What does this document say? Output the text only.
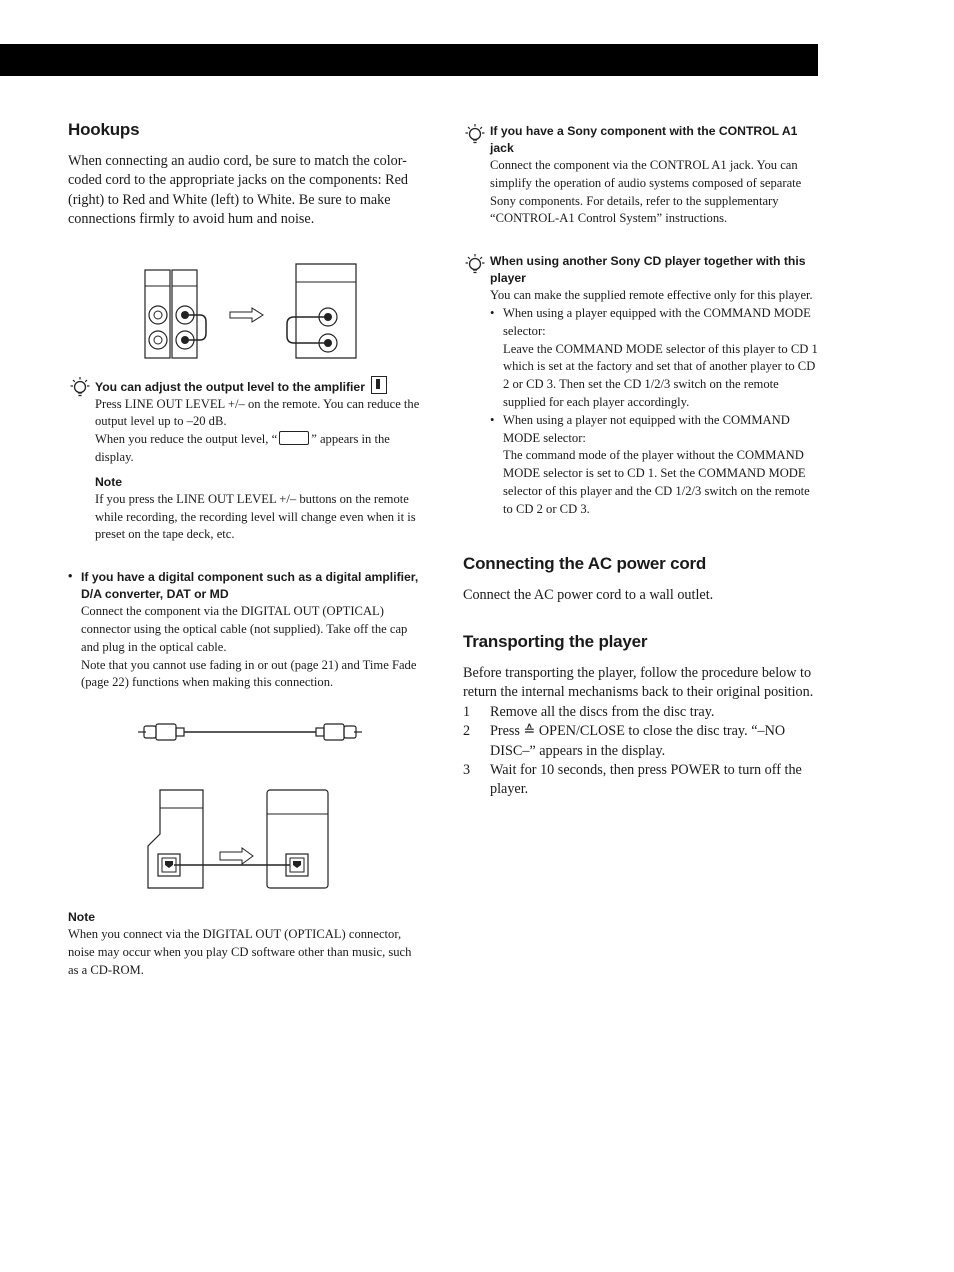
Hookups

When connecting an audio cord, be sure to match the color-coded cord to the appropriate jacks on the components: Red (right) to Red and White (left) to White. Be sure to make connections firmly to avoid hum and noise.

You can adjust the output level to the amplifier

Press LINE OUT LEVEL +/– on the remote. You can reduce the output level up to –20 dB.

When you reduce the output level, “	” appears in the display.

Note

If you press the LINE OUT LEVEL +/– buttons on the remote while recording, the recording level will change even when it is preset on the tape deck, etc.

• If you have a digital component such as a digital amplifier, D/A converter, DAT or MD

Connect the component via the DIGITAL OUT (OPTICAL) connector using the optical cable (not supplied). Take off the cap and plug in the optical cable.

Note that you cannot use fading in or out (page 21) and Time Fade (page 22) functions when making this connection.

Note

When you connect via the DIGITAL OUT (OPTICAL) connector, noise may occur when you play CD software other than music, such as a CD-ROM.

If you have a Sony component with the CONTROL A1 jack

Connect the component via the CONTROL A1 jack. You can simplify the operation of audio systems composed of separate Sony components. For details, refer to the supplementary “CONTROL-A1 Control System” instructions.

When using another Sony CD player together with this player

You can make the supplied remote effective only for this player.

• When using a player equipped with the COMMAND MODE selector:
Leave the COMMAND MODE selector of this player to CD 1 which is set at the factory and set that of another player to CD 2 or CD 3. Then set the CD 1/2/3 switch on the remote supplied for each player accordingly.
• When using a player not equipped with the COMMAND MODE selector:
The command mode of the player without the COMMAND MODE selector is set to CD 1. Set the COMMAND MODE selector of this player and the CD 1/2/3 switch on the remote to CD 2 or CD 3.
Connecting the AC power cord

Connect the AC power cord to a wall outlet.

Transporting the player

Before transporting the player, follow the procedure below to return the internal mechanisms back to their original position.

1	Remove all the discs from the disc tray.
2	Press ≙ OPEN/CLOSE to close the disc tray. “–NO DISC–” appears in the display.
3	Wait for 10 seconds, then press POWER to turn off the player.
